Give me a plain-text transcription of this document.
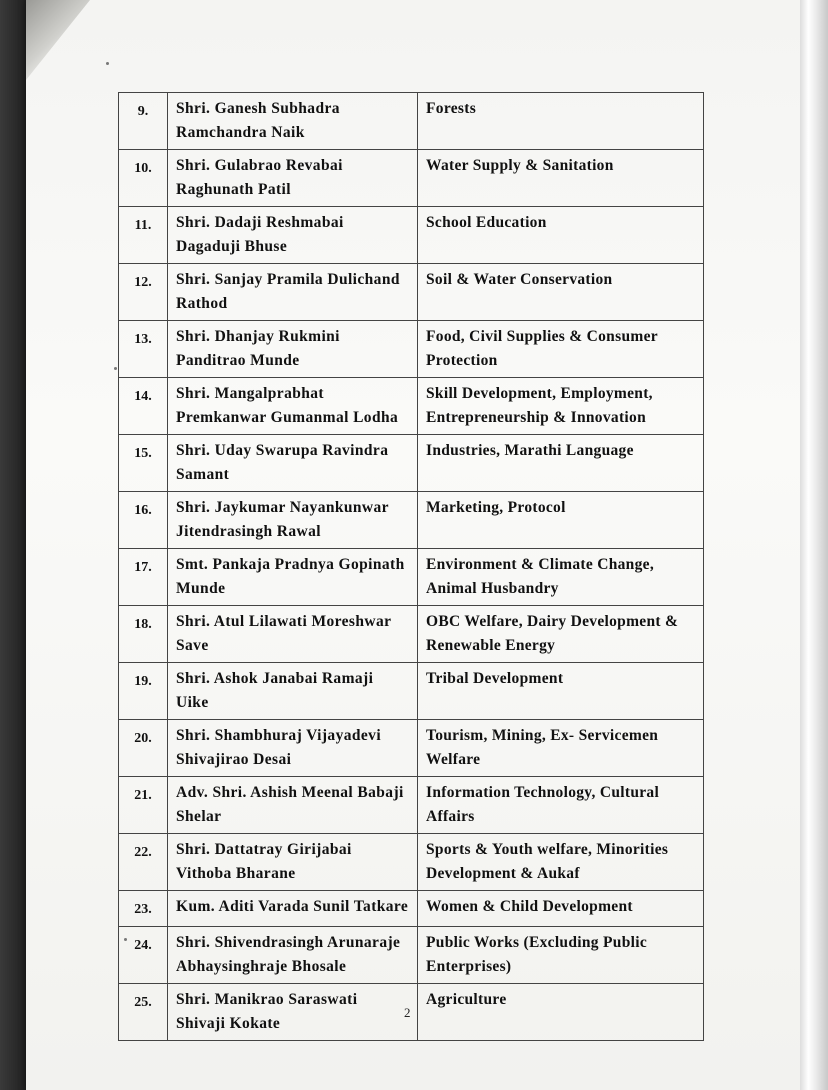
9.	Shri. Ganesh Subhadra Ramchandra Naik	Forests
10.	Shri. Gulabrao Revabai Raghunath Patil	Water Supply & Sanitation
11.	Shri. Dadaji Reshmabai Dagaduji Bhuse	School Education
12.	Shri. Sanjay Pramila Dulichand Rathod	Soil & Water Conservation
13.	Shri. Dhanjay Rukmini Panditrao Munde	Food, Civil Supplies & Consumer Protection
14.	Shri. Mangalprabhat Premkanwar Gumanmal Lodha	Skill Development, Employment, Entrepreneurship & Innovation
15.	Shri. Uday Swarupa Ravindra Samant	Industries, Marathi Language
16.	Shri. Jaykumar Nayankunwar Jitendrasingh Rawal	Marketing, Protocol
17.	Smt. Pankaja Pradnya Gopinath Munde	Environment & Climate Change, Animal Husbandry
18.	Shri. Atul Lilawati Moreshwar Save	OBC Welfare, Dairy Development & Renewable Energy
19.	Shri. Ashok Janabai Ramaji Uike	Tribal Development
20.	Shri. Shambhuraj Vijayadevi Shivajirao Desai	Tourism, Mining, Ex- Servicemen Welfare
21.	Adv. Shri. Ashish Meenal Babaji Shelar	Information Technology, Cultural Affairs
22.	Shri. Dattatray Girijabai Vithoba Bharane	Sports & Youth welfare, Minorities Development & Aukaf
23.	Kum. Aditi Varada Sunil Tatkare	Women & Child Development
24.	Shri. Shivendrasingh Arunaraje Abhaysinghraje Bhosale	Public Works (Excluding Public Enterprises)
25.	Shri. Manikrao Saraswati Shivaji Kokate	Agriculture
2
